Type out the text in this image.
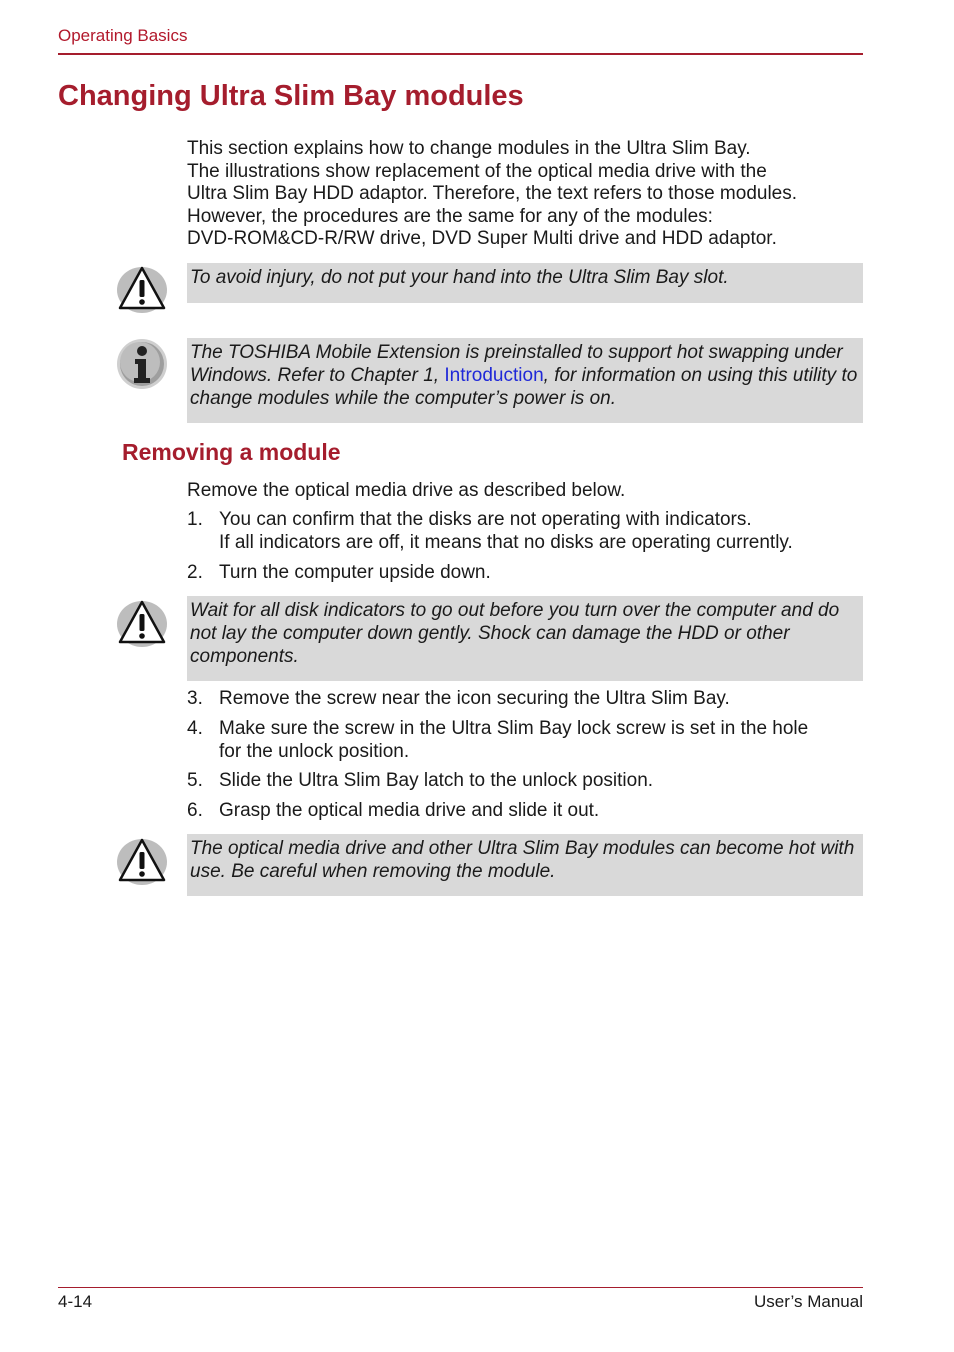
Operating Basics
Changing Ultra Slim Bay modules

This section explains how to change modules in the Ultra Slim Bay.

The illustrations show replacement of the optical media drive with the

Ultra Slim Bay HDD adaptor. Therefore, the text refers to those modules.

However, the procedures are the same for any of the modules:

DVD-ROM&CD-R/RW drive, DVD Super Multi drive and HDD adaptor.

To avoid injury, do not put your hand into the Ultra Slim Bay slot.
The TOSHIBA Mobile Extension is preinstalled to support hot swapping under Windows. Refer to Chapter 1, Introduction, for information on using this utility to change modules while the computer’s power is on.
Removing a module
Remove the optical media drive as described below.
1. You can confirm that the disks are not operating with indicators.
If all indicators are off, it means that no disks are operating currently.
2. Turn the computer upside down.
Wait for all disk indicators to go out before you turn over the computer and do not lay the computer down gently. Shock can damage the HDD or other components.
3. Remove the screw near the icon securing the Ultra Slim Bay.
4. Make sure the screw in the Ultra Slim Bay lock screw is set in the hole
for the unlock position.
5. Slide the Ultra Slim Bay latch to the unlock position.
6. Grasp the optical media drive and slide it out.
The optical media drive and other Ultra Slim Bay modules can become hot with use. Be careful when removing the module.
4-14	User’s Manual
